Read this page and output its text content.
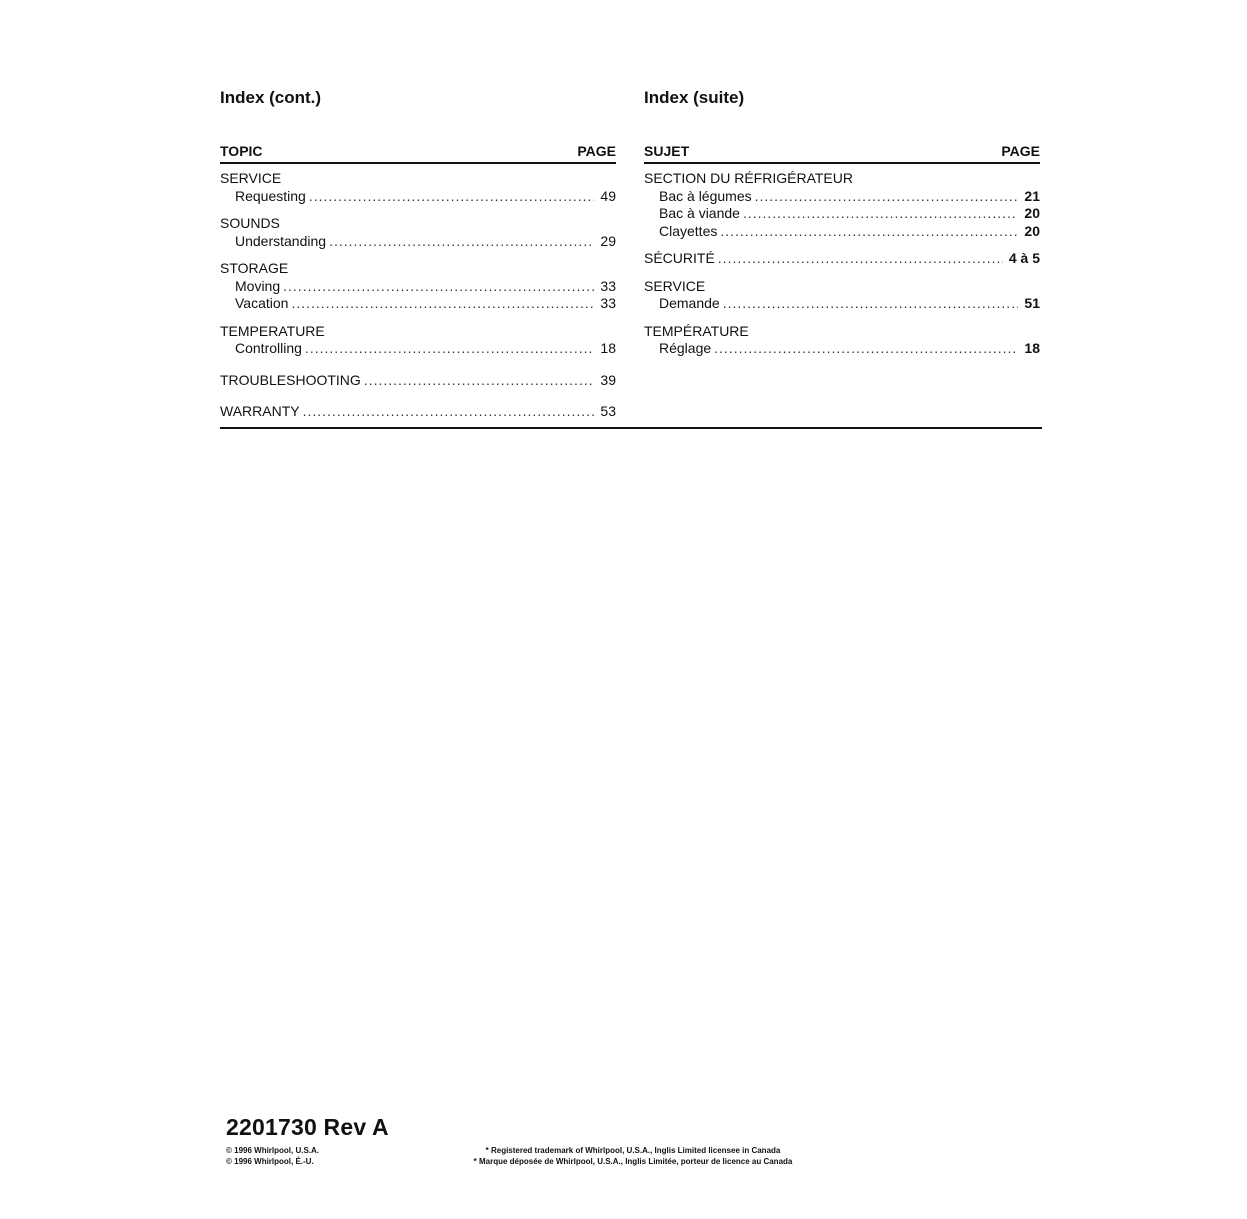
Index (cont.)
TOPIC	PAGE
SERVICE
Requesting .....	49
SOUNDS
Understanding .....	29
STORAGE
Moving .....	33
Vacation .....	33
TEMPERATURE
Controlling .....	18
TROUBLESHOOTING .....	39
WARRANTY .....	53
Index (suite)
SUJET	PAGE
SECTION DU RÉFRIGÉRATEUR
Bac à légumes .....	21
Bac à viande .....	20
Clayettes .....	20
SÉCURITÉ .....	4 à 5
SERVICE
Demande .....	51
TEMPÉRATURE
Réglage .....	18
2201730 Rev A
© 1996 Whirlpool, U.S.A.
© 1996 Whirlpool, É.-U.
* Registered trademark of Whirlpool, U.S.A., Inglis Limited licensee in Canada
* Marque déposée de Whirlpool, U.S.A., Inglis Limitée, porteur de licence au Canada
